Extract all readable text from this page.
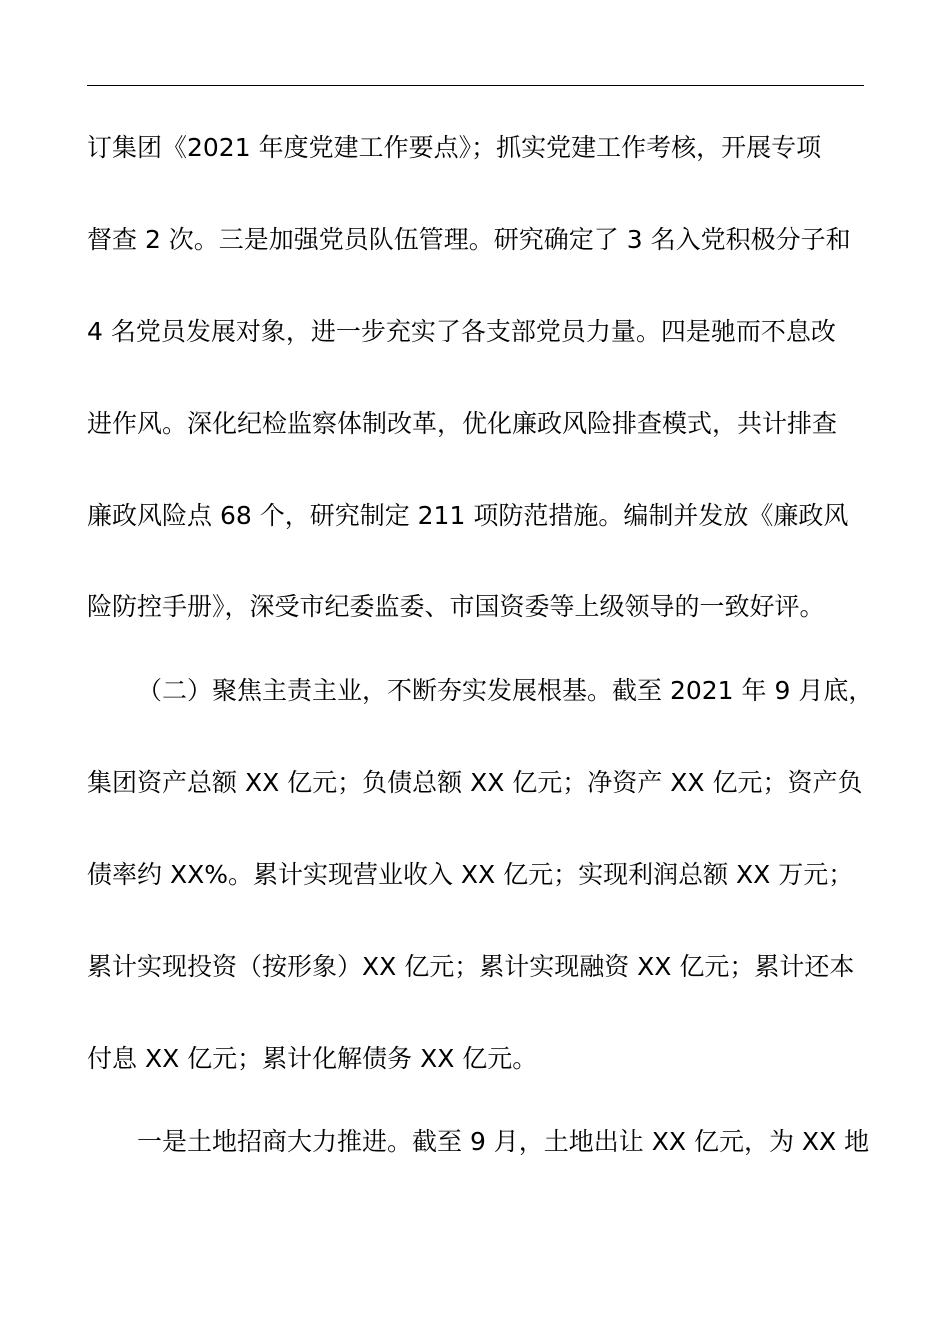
订集团《2021 年度党建工作要点》；抓实党建工作考核，开展专项
督查 2 次。三是加强党员队伍管理。研究确定了 3 名入党积极分子和
4 名党员发展对象，进一步充实了各支部党员力量。四是驰而不息改
进作风。深化纪检监察体制改革，优化廉政风险排查模式，共计排查
廉政风险点 68 个，研究制定 211 项防范措施。编制并发放《廉政风
险防控手册》，深受市纪委监委、市国资委等上级领导的一致好评。
（二）聚焦主责主业，不断夯实发展根基。截至 2021 年 9 月底，
集团资产总额 XX 亿元；负债总额 XX 亿元；净资产 XX 亿元；资产负
债率约 XX%。累计实现营业收入 XX 亿元；实现利润总额 XX 万元；
累计实现投资（按形象）XX 亿元；累计实现融资 XX 亿元；累计还本
付息 XX 亿元；累计化解债务 XX 亿元。
一是土地招商大力推进。截至 9 月，土地出让 XX 亿元，为 XX 地
